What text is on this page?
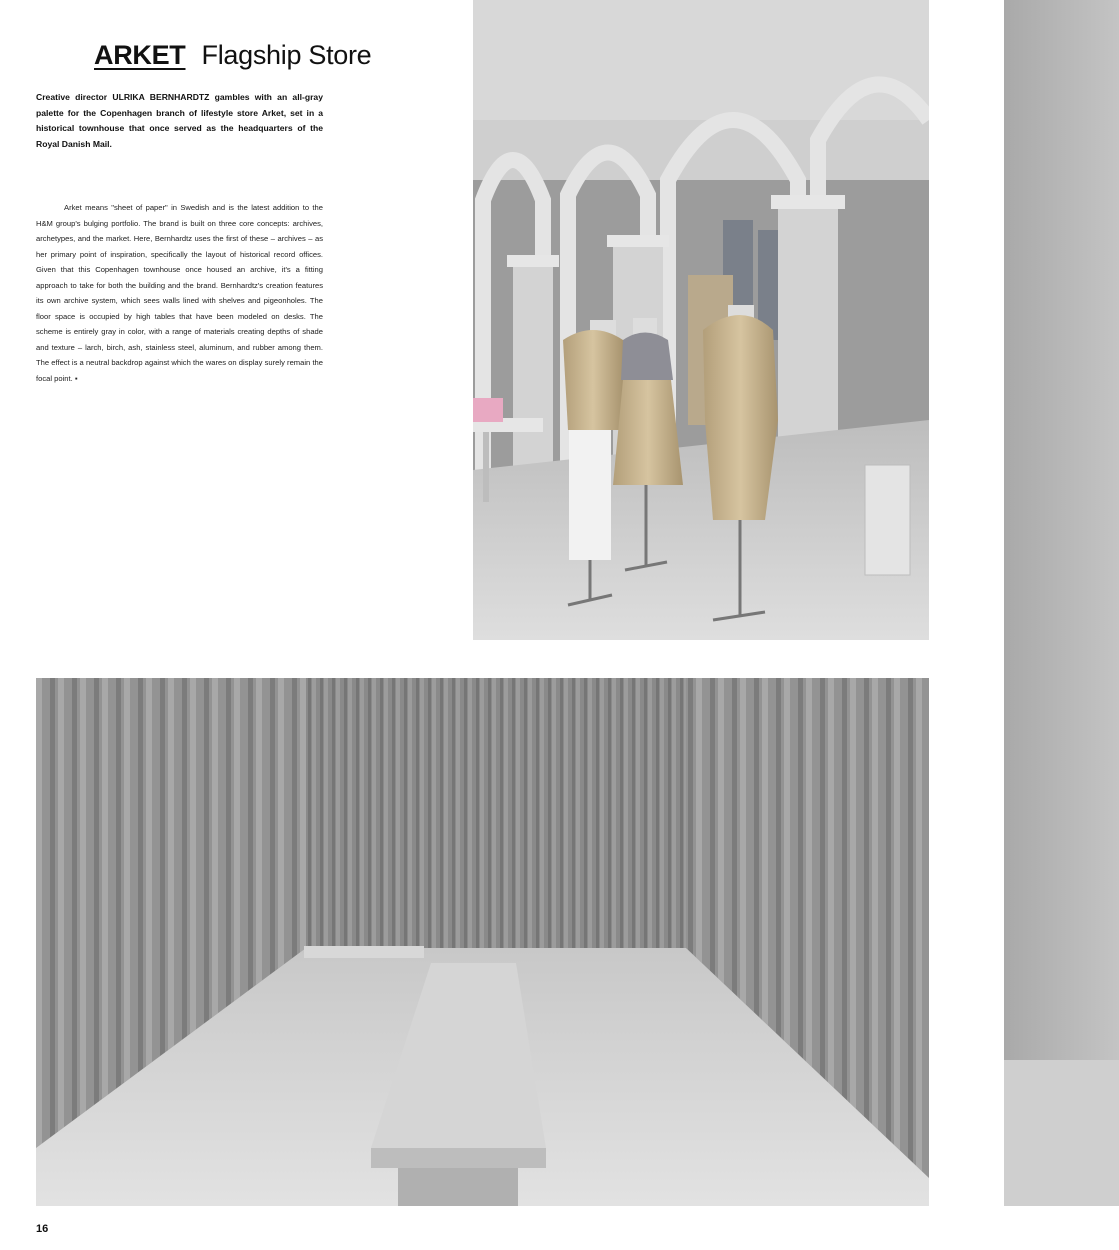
ARKET Flagship Store

Creative director ULRIKA BERNHARDTZ gambles with an all-gray palette for the Copenhagen branch of lifestyle store Arket, set in a historical townhouse that once served as the headquarters of the Royal Danish Mail.

Arket means "sheet of paper" in Swedish and is the latest addition to the H&M group's bulging portfolio. The brand is built on three core concepts: archives, archetypes, and the market. Here, Bernhardtz uses the first of these – archives – as her primary point of inspiration, specifically the layout of historical record offices. Given that this Copenhagen townhouse once housed an archive, it's a fitting approach to take for both the building and the brand. Bernhardtz's creation features its own archive system, which sees walls lined with shelves and pigeonholes. The floor space is occupied by high tables that have been modeled on desks. The scheme is entirely gray in color, with a range of materials creating depths of shade and texture – larch, birch, ash, stainless steel, aluminum, and rubber among them. The effect is a neutral backdrop against which the wares on display surely remain the focal point. ▪

16
